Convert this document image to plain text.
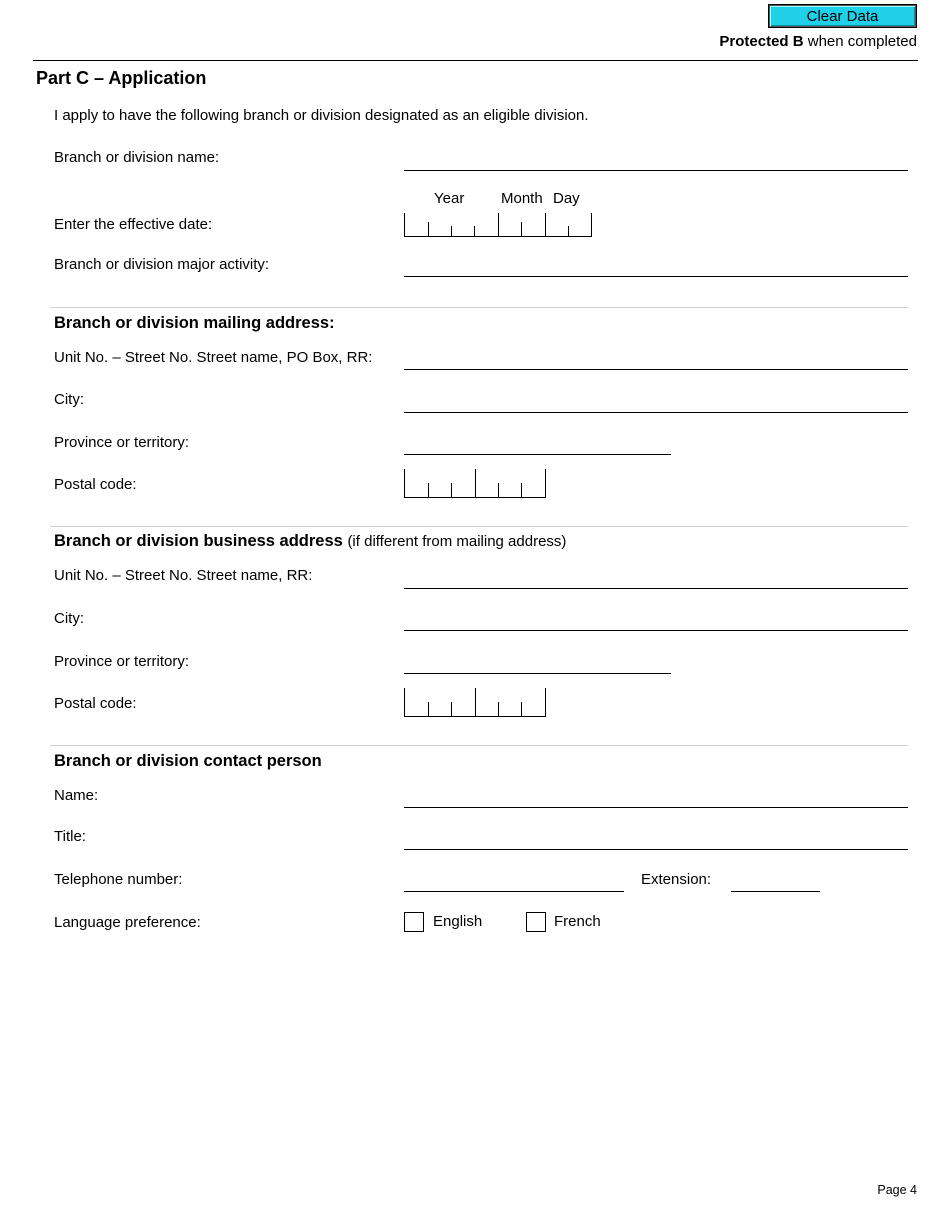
Clear Data
Protected B when completed
Part C – Application
I apply to have the following branch or division designated as an eligible division.
Branch or division name:
Year Month Day
Enter the effective date:
Branch or division major activity:
Branch or division mailing address:
Unit No. – Street No. Street name, PO Box, RR:
City:
Province or territory:
Postal code:
Branch or division business address (if different from mailing address)
Unit No. – Street No. Street name, RR:
City:
Province or territory:
Postal code:
Branch or division contact person
Name:
Title:
Telephone number:	Extension:
Language preference:	English	French
Page 4
